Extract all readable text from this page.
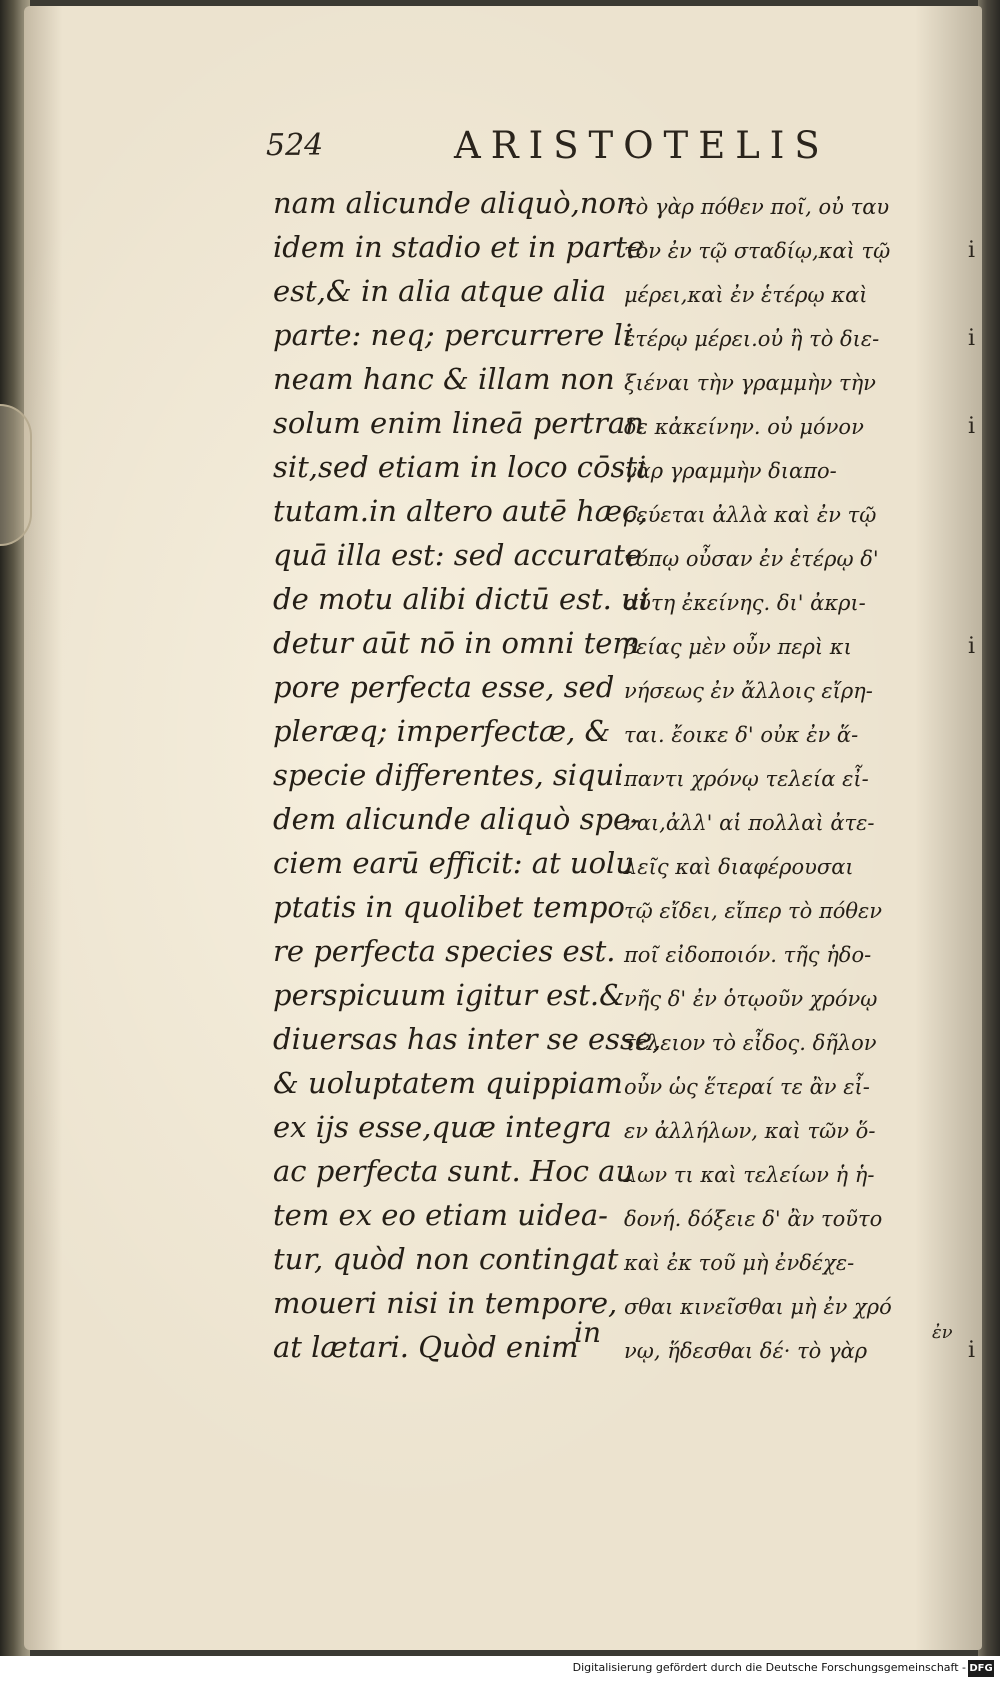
524	ARISTOTELIS
nam alicunde aliquò,non
idem in stadio et in parte
est,& in alia atque alia
parte: neq; percurrere li
neam hanc & illam non
solum enim lineā pertran
sit,sed etiam in loco cōsti
tutam.in altero autē hæc,
quā illa est: sed accurate
de motu alibi dictū est. ui
detur aūt nō in omni tem
pore perfecta esse, sed
pleræq; imperfectæ, &
specie differentes, siqui
dem alicunde aliquò spe-
ciem earū efficit: at uolu
ptatis in quolibet tempo
re perfecta species est.
perspicuum igitur est.&
diuersas has inter se esse,
& uoluptatem quippiam
ex ijs esse,quæ integra
ac perfecta sunt. Hoc au
tem ex eo etiam uidea-
tur, quòd non contingat
moueri nisi in tempore,
at lætari. Quòd enim
τὸ γὰρ πόθεν ποῖ, οὐ ταυ
τὸν ἐν τῷ σταδίῳ,καὶ τῷ
μέρει,καὶ ἐν ἑτέρῳ καὶ
ἑτέρῳ μέρει.οὐ ἢ τὸ διε-
ξιέναι τὴν γραμμὴν τὴν
δε κἀκείνην. οὐ μόνον
γὰρ γραμμὴν διαπο-
ρεύεται ἀλλὰ καὶ ἐν τῷ
τόπῳ οὖσαν ἐν ἑτέρῳ δ'
αὕτη ἐκείνης. δι' ἀκρι-
βείας μὲν οὖν περὶ κι
νήσεως ἐν ἄλλοις εἴρη-
ται. ἔοικε δ' οὐκ ἐν ἅ-
παντι χρόνῳ τελεία εἶ-
ναι,ἀλλ' αἱ πολλαὶ ἀτε-
λεῖς καὶ διαφέρουσαι
τῷ εἴδει, εἴπερ τὸ πόθεν
ποῖ εἰδοποιόν. τῆς ἡδο-
νῆς δ' ἐν ὁτῳοῦν χρόνῳ
τέλειον τὸ εἶδος. δῆλον
οὖν ὡς ἕτεραί τε ἂν εἶ-
εν ἀλλήλων, καὶ τῶν ὅ-
λων τι καὶ τελείων ἡ ἡ-
δονή. δόξειε δ' ἂν τοῦτο
καὶ ἐκ τοῦ μὴ ἐνδέχε-
σθαι κινεῖσθαι μὴ ἐν χρό
νῳ, ἥδεσθαι δέ· τὸ γὰρ
i
i
i
i
i
in	ἐν
Digitalisierung gefördert durch die Deutsche Forschungsgemeinschaft - DFG
